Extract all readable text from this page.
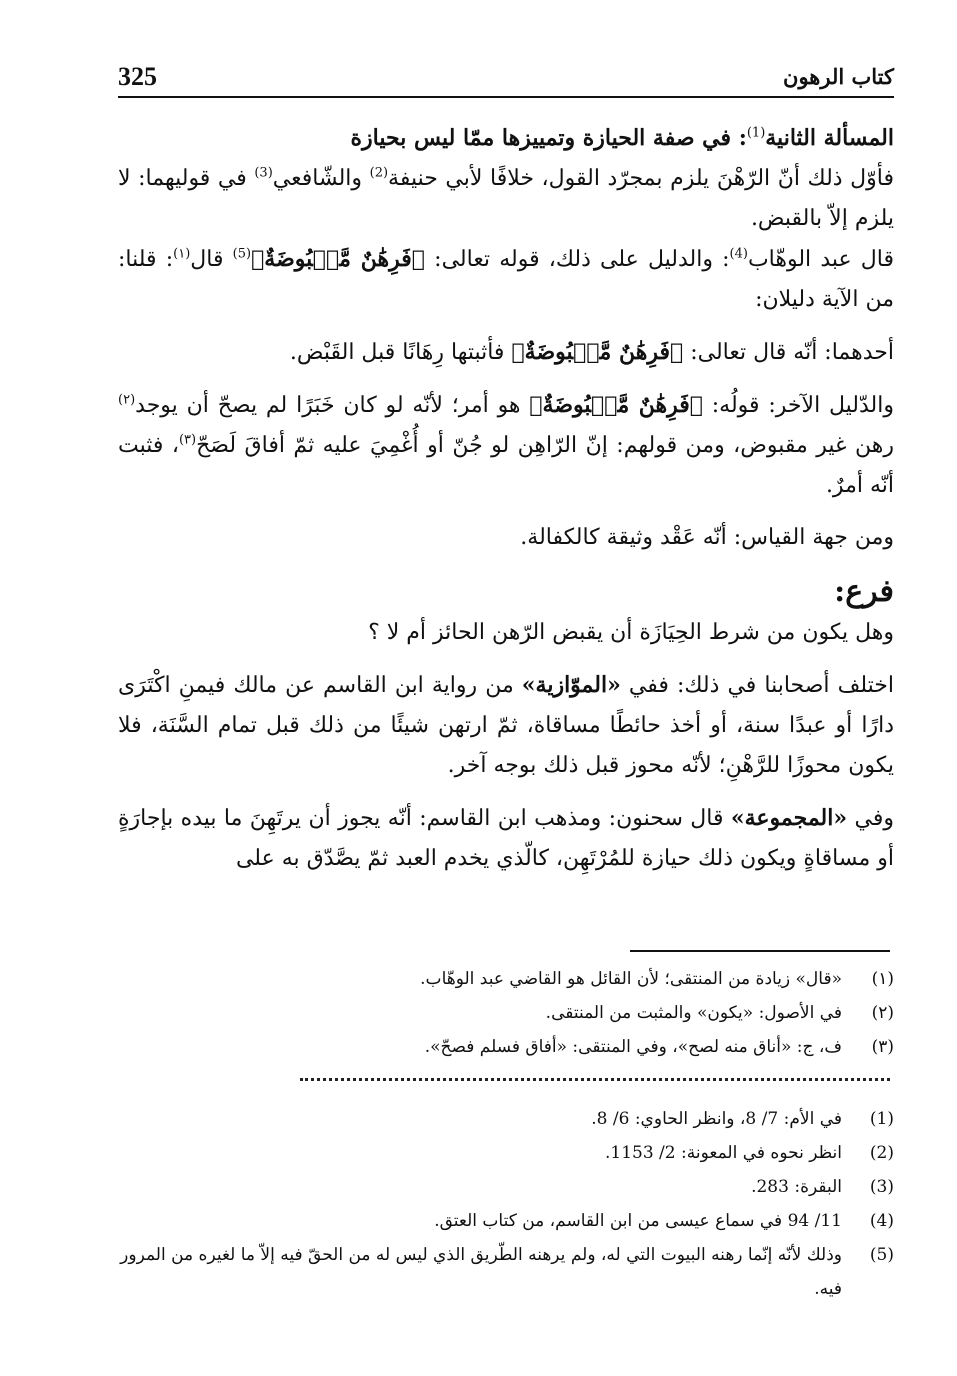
325	كتاب الرهون

المسألة الثانية$^{(1)}$: في صفة الحيازة وتمييزها ممّا ليس بحيازة

فأوّل ذلك أنّ الرّهْنَ يلزم بمجرّد القول، خلافًا لأبي حنيفة$^{(2)}$ والشّافعي$^{(3)}$ في قوليهما: لا يلزم إلاّ بالقبض.

قال عبد الوهّاب$^{(4)}$: والدليل على ذلك، قوله تعالى: ﴿فَرِهَٰنٌ مَّقۡبُوضَةٌ﴾$^{(5)}$ قال$^{(١)}$: قلنا: من الآية دليلان:

أحدهما: أنّه قال تعالى: ﴿فَرِهَٰنٌ مَّقۡبُوضَةٌ﴾ فأثبتها رِهَانًا قبل القَبْض.

والدّليل الآخر: قولُه: ﴿فَرِهَٰنٌ مَّقۡبُوضَةٌ﴾ هو أمر؛ لأنّه لو كان خَبَرًا لم يصحّ أن يوجد$^{(٢)}$ رهن غير مقبوض، ومن قولهم: إنّ الرّاهِن لو جُنّ أو أُغْمِيَ عليه ثمّ أفاقَ لَصَحّ$^{(٣)}$، فثبت أنّه أمرٌ.

ومن جهة القياس: أنّه عَقْد وثيقة كالكفالة.

فرع:

وهل يكون من شرط الحِيَازَة أن يقبض الرّهن الحائز أم لا ؟

اختلف أصحابنا في ذلك: ففي «الموّازية» من رواية ابن القاسم عن مالك فيمنِ اكْتَرَى دارًا أو عبدًا سنة، أو أخذ حائطًا مساقاة، ثمّ ارتهن شيئًا من ذلك قبل تمام السَّنَة، فلا يكون محوزًا للرَّهْنِ؛ لأنّه محوز قبل ذلك بوجه آخر.

وفي «المجموعة» قال سحنون: ومذهب ابن القاسم: أنّه يجوز أن يرتَهِنَ ما بيده بإجارَةٍ أو مساقاةٍ ويكون ذلك حيازة للمُرْتَهِن، كالّذي يخدم العبد ثمّ يصَّدّق به على

(١)
«قال» زيادة من المنتقى؛ لأن القائل هو القاضي عبد الوهّاب.
(٢)
في الأصول: «يكون» والمثبت من المنتقى.
(٣)
ف، ج: «أناق منه لصح»، وفي المنتقى: «أفاق فسلم فصحّ».
(1)
في الأم: 7/ 8، وانظر الحاوي: 6/ 8.
(2)
انظر نحوه في المعونة: 2/ 1153.
(3)
البقرة: 283.
(4)
11/ 94 في سماع عيسى من ابن القاسم، من كتاب العتق.
(5)
وذلك لأنّه إنّما رهنه البيوت التي له، ولم يرهنه الطّريق الذي ليس له من الحقّ فيه إلاّ ما لغيره من المرور فيه.
